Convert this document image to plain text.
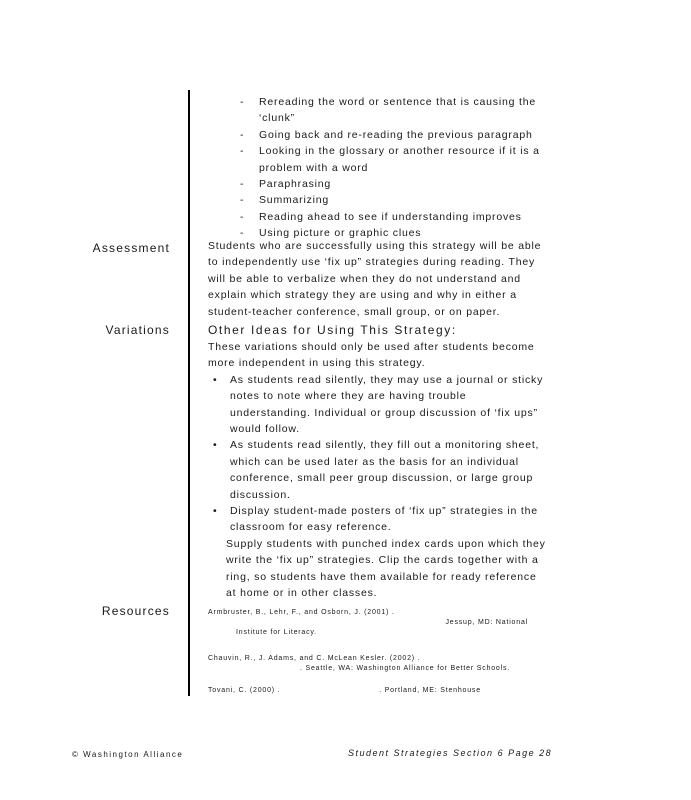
- Rereading the word or sentence that is causing the ‘clunk”
- Going back and re-reading the previous paragraph
- Looking in the glossary or another resource if it is a problem with a word
- Paraphrasing
- Summarizing
- Reading ahead to see if understanding improves
- Using picture or graphic clues
Assessment	Students who are successfully using this strategy will be able to independently use ‘fix up” strategies during reading. They will be able to verbalize when they do not understand and explain which strategy they are using and why in either a student-teacher conference, small group, or on paper.
Variations	Other Ideas for Using This Strategy:
These variations should only be used after students become more independent in using this strategy.
• As students read silently, they may use a journal or sticky notes to note where they are having trouble understanding. Individual or group discussion of ‘fix ups” would follow.
• As students read silently, they fill out a monitoring sheet, which can be used later as the basis for an individual conference, small peer group discussion, or large group discussion.
• Display student-made posters of ‘fix up” strategies in the classroom for easy reference.
Supply students with punched index cards upon which they write the ‘fix up” strategies. Clip the cards together with a ring, so students have them available for ready reference at home or in other classes.
Resources	Armbruster, B., Lehr, F., and Osborn, J. (2001) .
Jessup, MD: National
Institute for Literacy.
Chauvin, R., J. Adams, and C. McLean Kesler. (2002) .
. Seattle, WA: Washington Alliance for Better Schools.
Tovani, C. (2000) .                                    . Portland, ME: Stenhouse
© Washington Alliance	Student Strategies Section 6 Page 28
